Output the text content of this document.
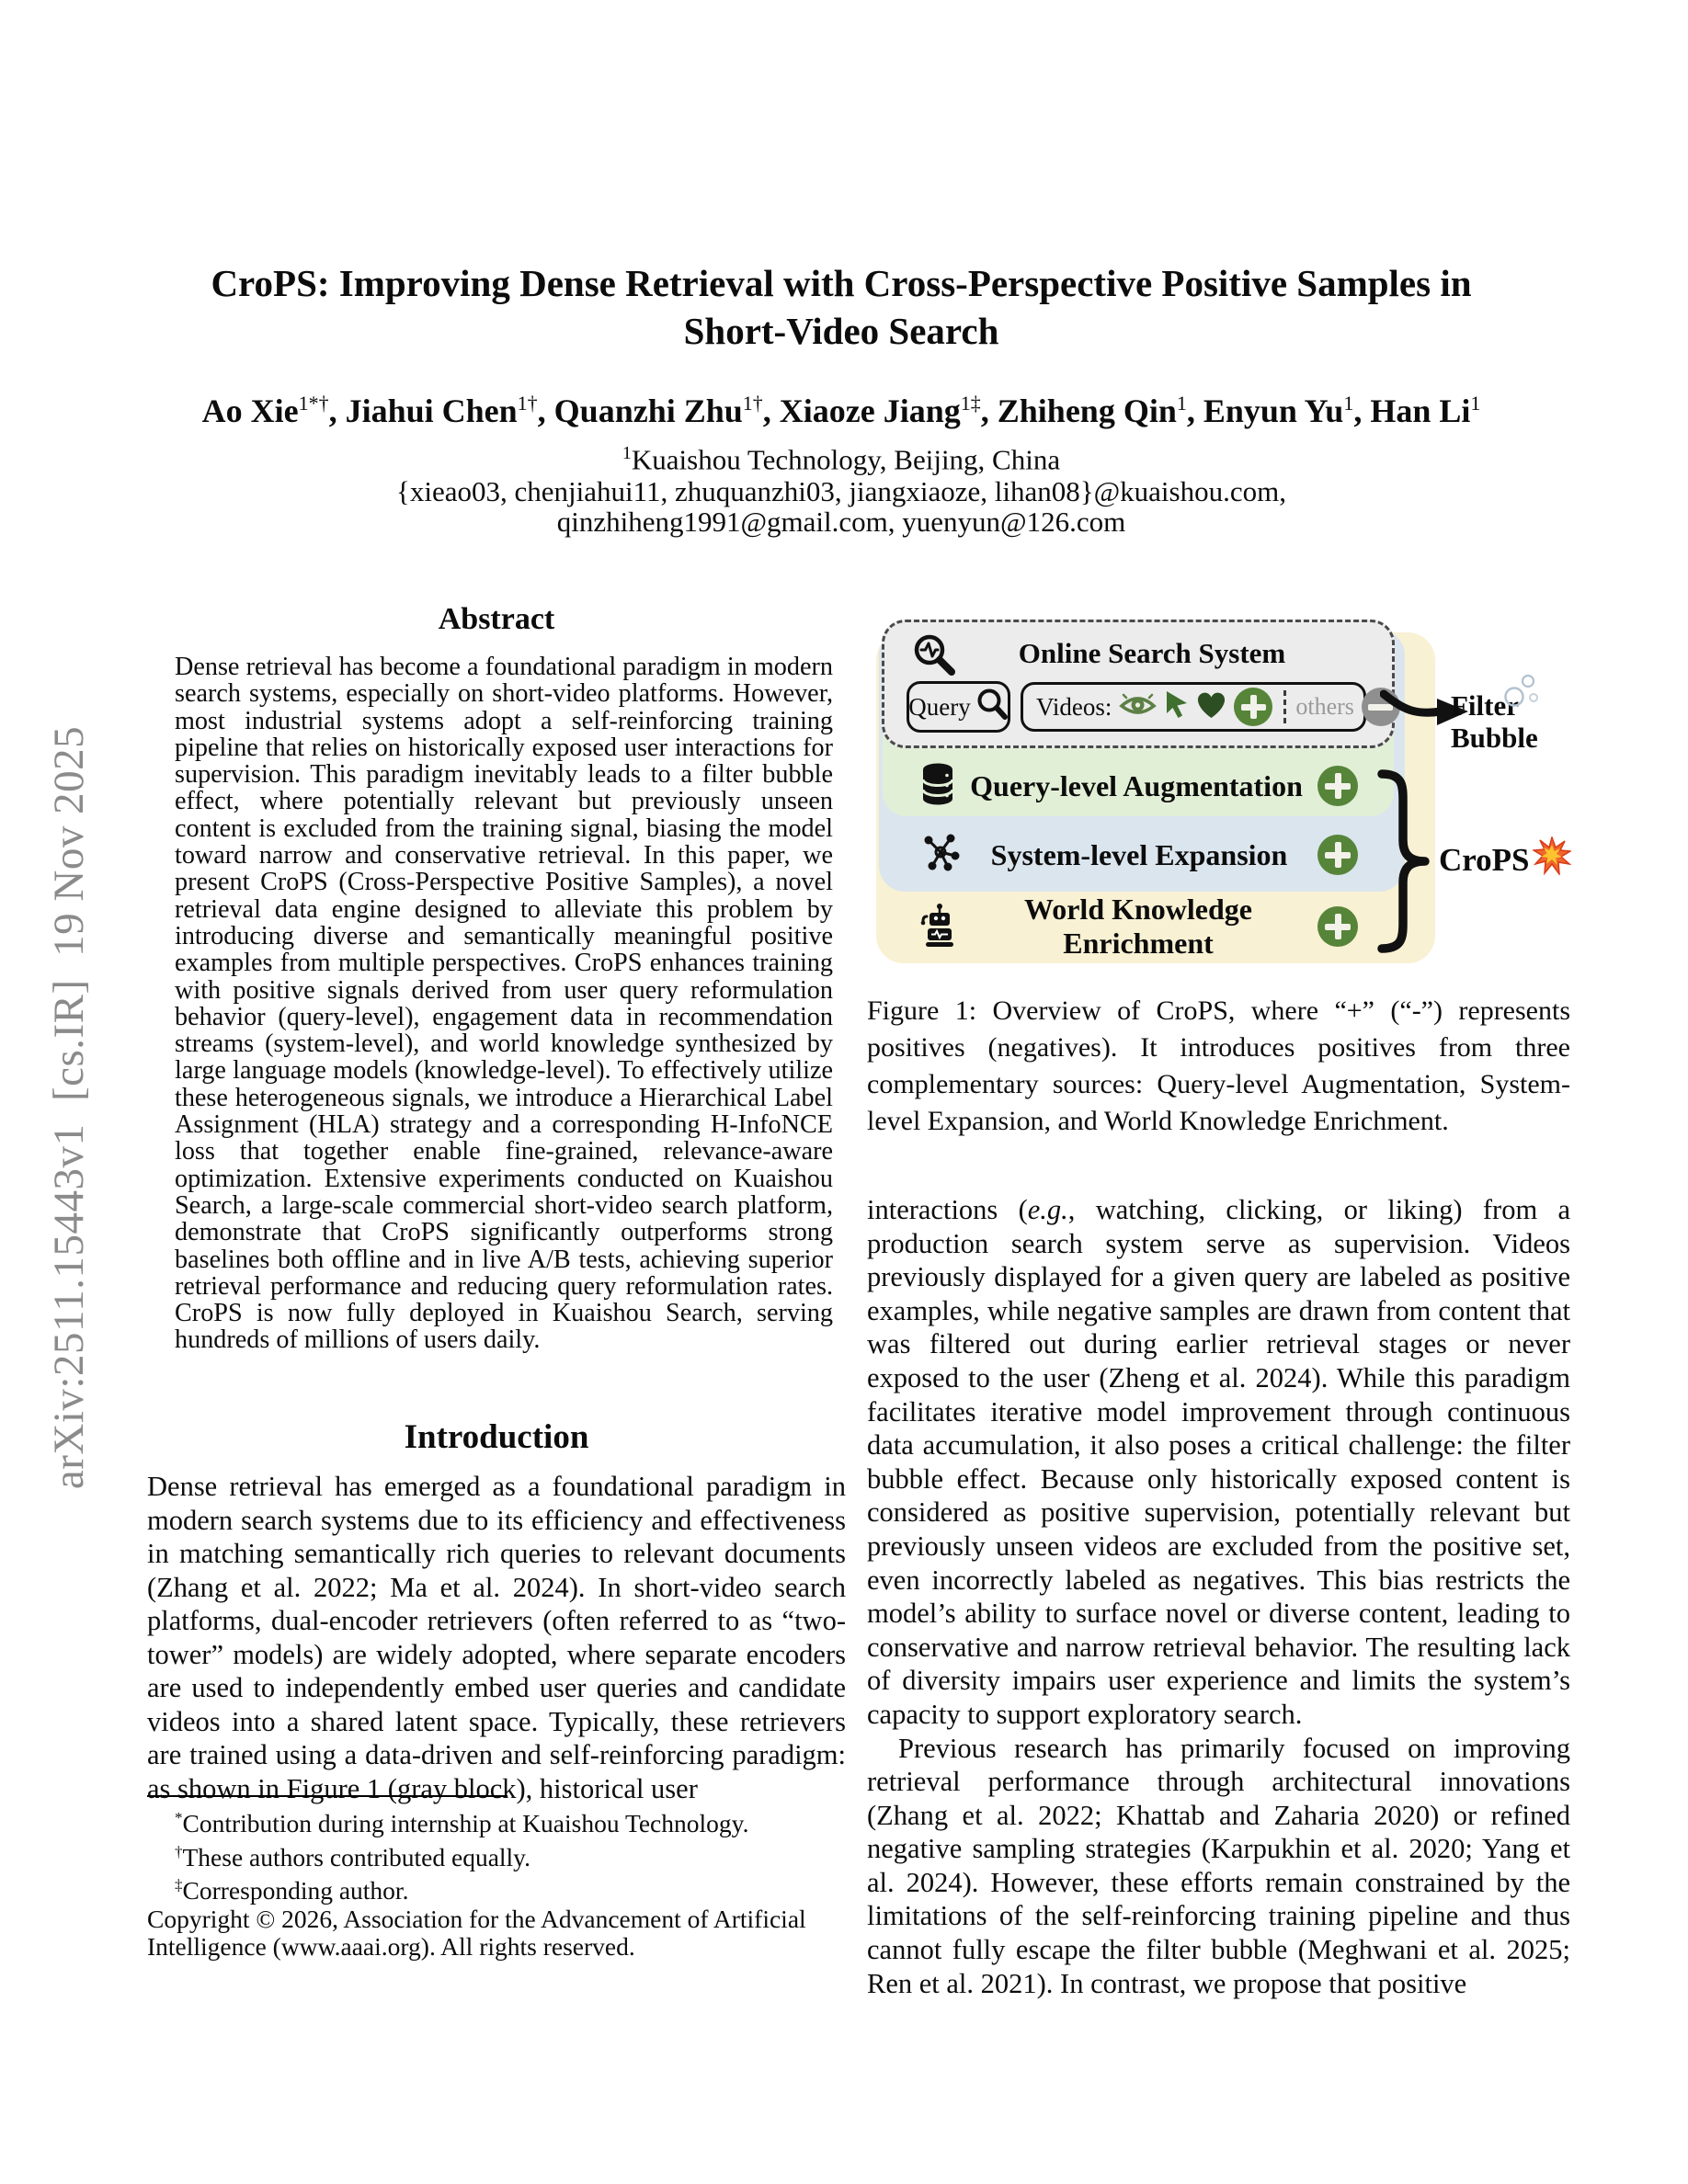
arXiv:2511.15443v1  [cs.IR]  19 Nov 2025
CroPS: Improving Dense Retrieval with Cross-Perspective Positive Samples in
Short-Video Search
Ao Xie$^{1*\dagger}$, Jiahui Chen$^{1\dagger}$, Quanzhi Zhu$^{1\dagger}$, Xiaoze Jiang$^{1\ddagger}$, Zhiheng Qin$^1$, Enyun Yu$^1$, Han Li$^1$
$^1$Kuaishou Technology, Beijing, China
{xieao03, chenjiahui11, zhuquanzhi03, jiangxiaoze, lihan08}@kuaishou.com,
qinzhiheng1991@gmail.com, yuenyun@126.com
Abstract
Dense retrieval has become a foundational paradigm in modern search systems, especially on short-video platforms. However, most industrial systems adopt a self-reinforcing training pipeline that relies on historically exposed user interactions for supervision. This paradigm inevitably leads to a filter bubble effect, where potentially relevant but previously unseen content is excluded from the training signal, biasing the model toward narrow and conservative retrieval. In this paper, we present CroPS (Cross-Perspective Positive Samples), a novel retrieval data engine designed to alleviate this problem by introducing diverse and semantically meaningful positive examples from multiple perspectives. CroPS enhances training with positive signals derived from user query reformulation behavior (query-level), engagement data in recommendation streams (system-level), and world knowledge synthesized by large language models (knowledge-level). To effectively utilize these heterogeneous signals, we introduce a Hierarchical Label Assignment (HLA) strategy and a corresponding H-InfoNCE loss that together enable fine-grained, relevance-aware optimization. Extensive experiments conducted on Kuaishou Search, a large-scale commercial short-video search platform, demonstrate that CroPS significantly outperforms strong baselines both offline and in live A/B tests, achieving superior retrieval performance and reducing query reformulation rates. CroPS is now fully deployed in Kuaishou Search, serving hundreds of millions of users daily.
Introduction
Dense retrieval has emerged as a foundational paradigm in modern search systems due to its efficiency and effectiveness in matching semantically rich queries to relevant documents (Zhang et al. 2022; Ma et al. 2024). In short-video search platforms, dual-encoder retrievers (often referred to as “two-tower” models) are widely adopted, where separate encoders are used to independently embed user queries and candidate videos into a shared latent space. Typically, these retrievers are trained using a data-driven and self-reinforcing paradigm: as shown in Figure 1 (gray block), historical user
*Contribution during internship at Kuaishou Technology.
†These authors contributed equally.
‡Corresponding author.
Copyright © 2026, Association for the Advancement of Artificial Intelligence (www.aaai.org). All rights reserved.
Online Search System
Query	Videos:	others
Query-level Augmentation
System-level Expansion
World Knowledge Enrichment
Filter
Bubble
CroPS
Figure 1: Overview of CroPS, where “+” (“-”) represents positives (negatives). It introduces positives from three complementary sources: Query-level Augmentation, System-level Expansion, and World Knowledge Enrichment.

interactions (e.g., watching, clicking, or liking) from a production search system serve as supervision. Videos previously displayed for a given query are labeled as positive examples, while negative samples are drawn from content that was filtered out during earlier retrieval stages or never exposed to the user (Zheng et al. 2024). While this paradigm facilitates iterative model improvement through continuous data accumulation, it also poses a critical challenge: the filter bubble effect. Because only historically exposed content is considered as positive supervision, potentially relevant but previously unseen videos are excluded from the positive set, even incorrectly labeled as negatives. This bias restricts the model’s ability to surface novel or diverse content, leading to conservative and narrow retrieval behavior. The resulting lack of diversity impairs user experience and limits the system’s capacity to support exploratory search.

Previous research has primarily focused on improving retrieval performance through architectural innovations (Zhang et al. 2022; Khattab and Zaharia 2020) or refined negative sampling strategies (Karpukhin et al. 2020; Yang et al. 2024). However, these efforts remain constrained by the limitations of the self-reinforcing training pipeline and thus cannot fully escape the filter bubble (Meghwani et al. 2025; Ren et al. 2021). In contrast, we propose that positive
